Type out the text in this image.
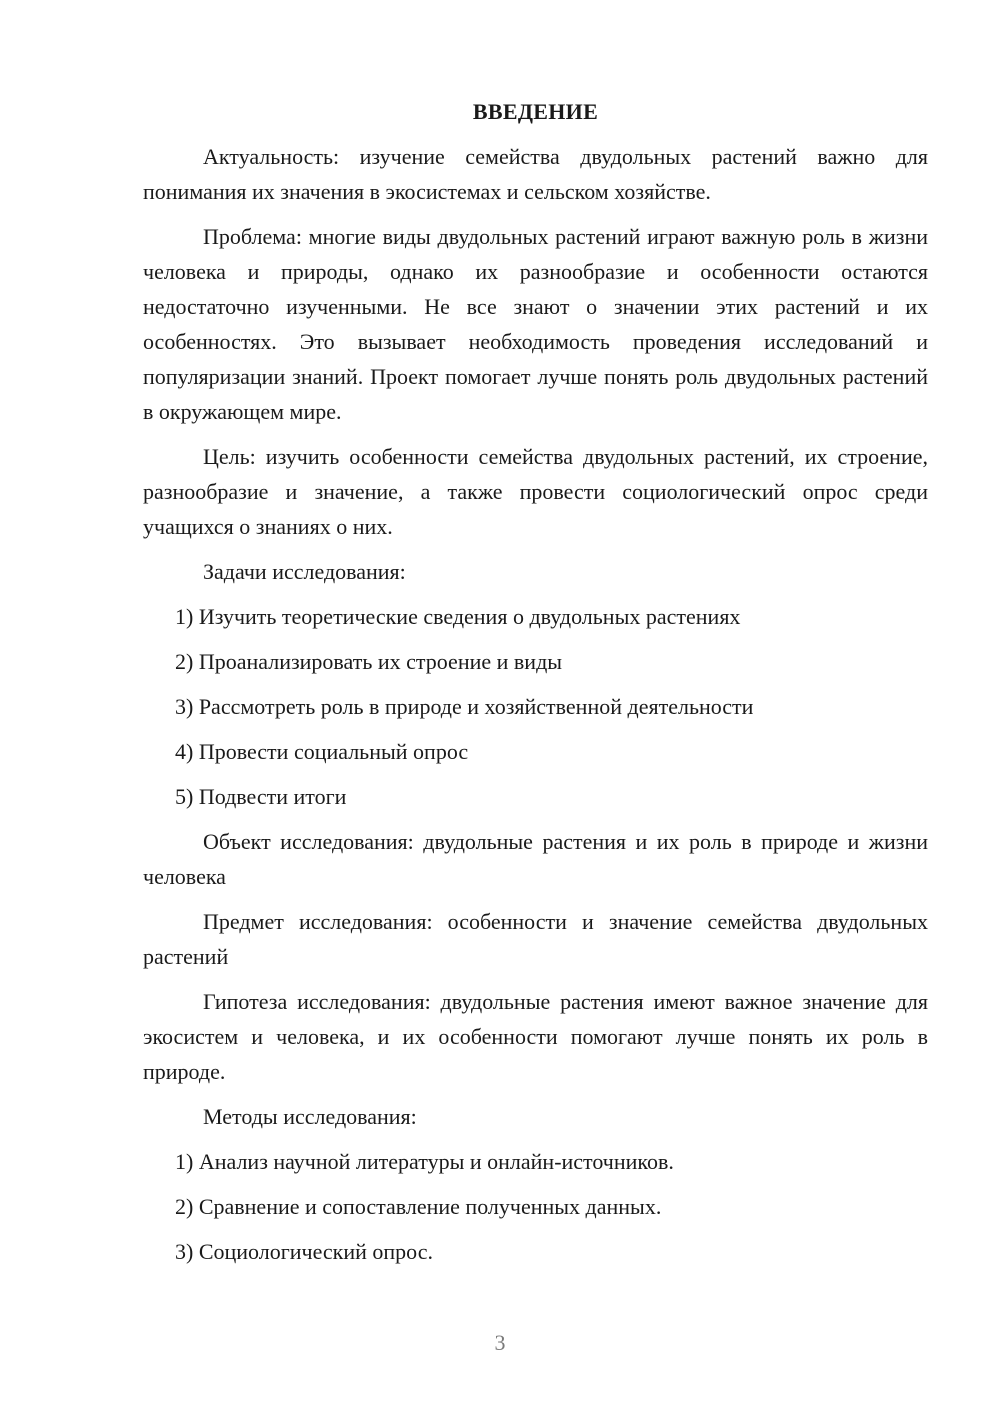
ВВЕДЕНИЕ

Актуальность: изучение семейства двудольных растений важно для понимания их значения в экосистемах и сельском хозяйстве.

Проблема: многие виды двудольных растений играют важную роль в жизни человека и природы, однако их разнообразие и особенности остаются недостаточно изученными. Не все знают о значении этих растений и их особенностях. Это вызывает необходимость проведения исследований и популяризации знаний. Проект помогает лучше понять роль двудольных растений в окружающем мире.

Цель: изучить особенности семейства двудольных растений, их строение, разнообразие и значение, а также провести социологический опрос среди учащихся о знаниях о них.

Задачи исследования:

1) Изучить теоретические сведения о двудольных растениях
2) Проанализировать их строение и виды
3) Рассмотреть роль в природе и хозяйственной деятельности
4) Провести социальный опрос
5) Подвести итоги

Объект исследования: двудольные растения и их роль в природе и жизни человека

Предмет исследования: особенности и значение семейства двудольных растений

Гипотеза исследования: двудольные растения имеют важное значение для экосистем и человека, и их особенности помогают лучше понять их роль в природе.

Методы исследования:

1) Анализ научной литературы и онлайн-источников.
2) Сравнение и сопоставление полученных данных.
3) Социологический опрос.
3
